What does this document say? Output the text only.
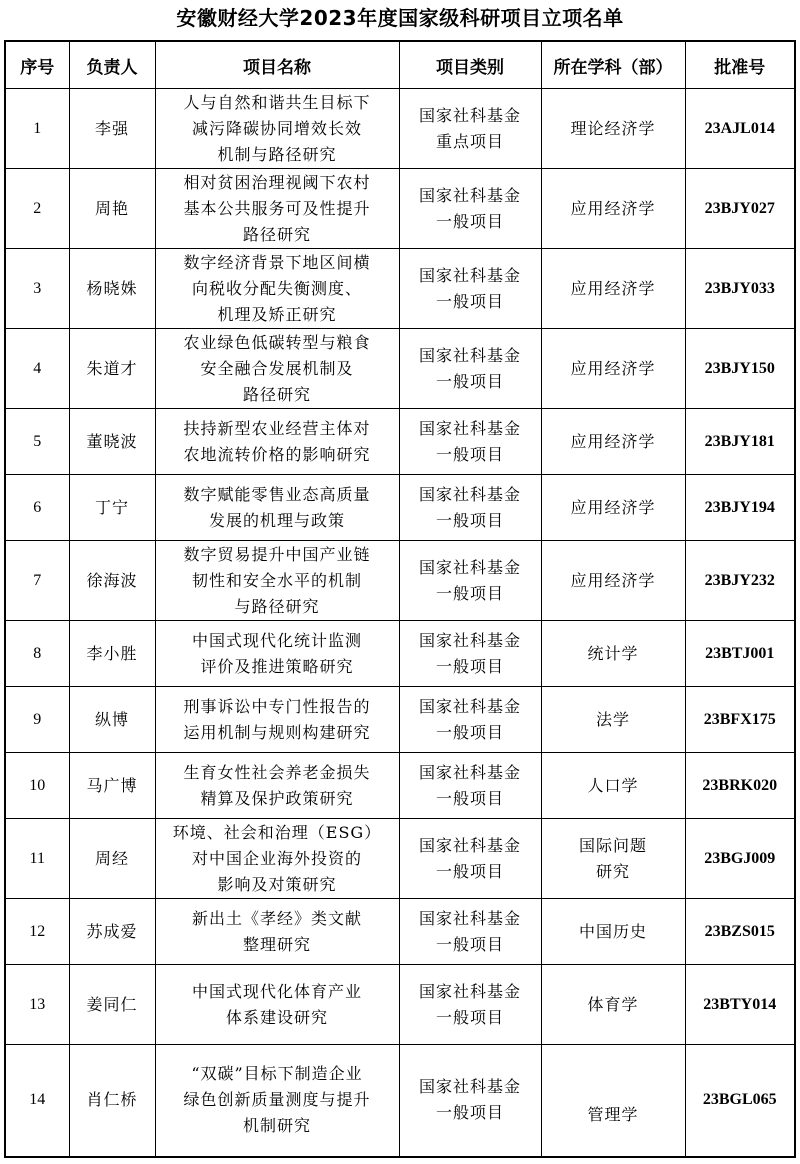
安徽财经大学2023年度国家级科研项目立项名单
序号	负责人	项目名称	项目类别	所在学科（部）	批准号
1	李强	人与自然和谐共生目标下
减污降碳协同增效长效
机制与路径研究	国家社科基金
重点项目	理论经济学	23AJL014
2	周艳	相对贫困治理视阈下农村
基本公共服务可及性提升
路径研究	国家社科基金
一般项目	应用经济学	23BJY027
3	杨晓姝	数字经济背景下地区间横
向税收分配失衡测度、
机理及矫正研究	国家社科基金
一般项目	应用经济学	23BJY033
4	朱道才	农业绿色低碳转型与粮食
安全融合发展机制及
路径研究	国家社科基金
一般项目	应用经济学	23BJY150
5	董晓波	扶持新型农业经营主体对
农地流转价格的影响研究	国家社科基金
一般项目	应用经济学	23BJY181
6	丁宁	数字赋能零售业态高质量
发展的机理与政策	国家社科基金
一般项目	应用经济学	23BJY194
7	徐海波	数字贸易提升中国产业链
韧性和安全水平的机制
与路径研究	国家社科基金
一般项目	应用经济学	23BJY232
8	李小胜	中国式现代化统计监测
评价及推进策略研究	国家社科基金
一般项目	统计学	23BTJ001
9	纵博	刑事诉讼中专门性报告的
运用机制与规则构建研究	国家社科基金
一般项目	法学	23BFX175
10	马广博	生育女性社会养老金损失
精算及保护政策研究	国家社科基金
一般项目	人口学	23BRK020
11	周经	环境、社会和治理（ESG）
对中国企业海外投资的
影响及对策研究	国家社科基金
一般项目	国际问题
研究	23BGJ009
12	苏成爱	新出土《孝经》类文献
整理研究	国家社科基金
一般项目	中国历史	23BZS015
13	姜同仁	中国式现代化体育产业
体系建设研究	国家社科基金
一般项目	体育学	23BTY014
14	肖仁桥	“双碳”目标下制造企业
绿色创新质量测度与提升
机制研究	国家社科基金
一般项目	管理学	23BGL065
